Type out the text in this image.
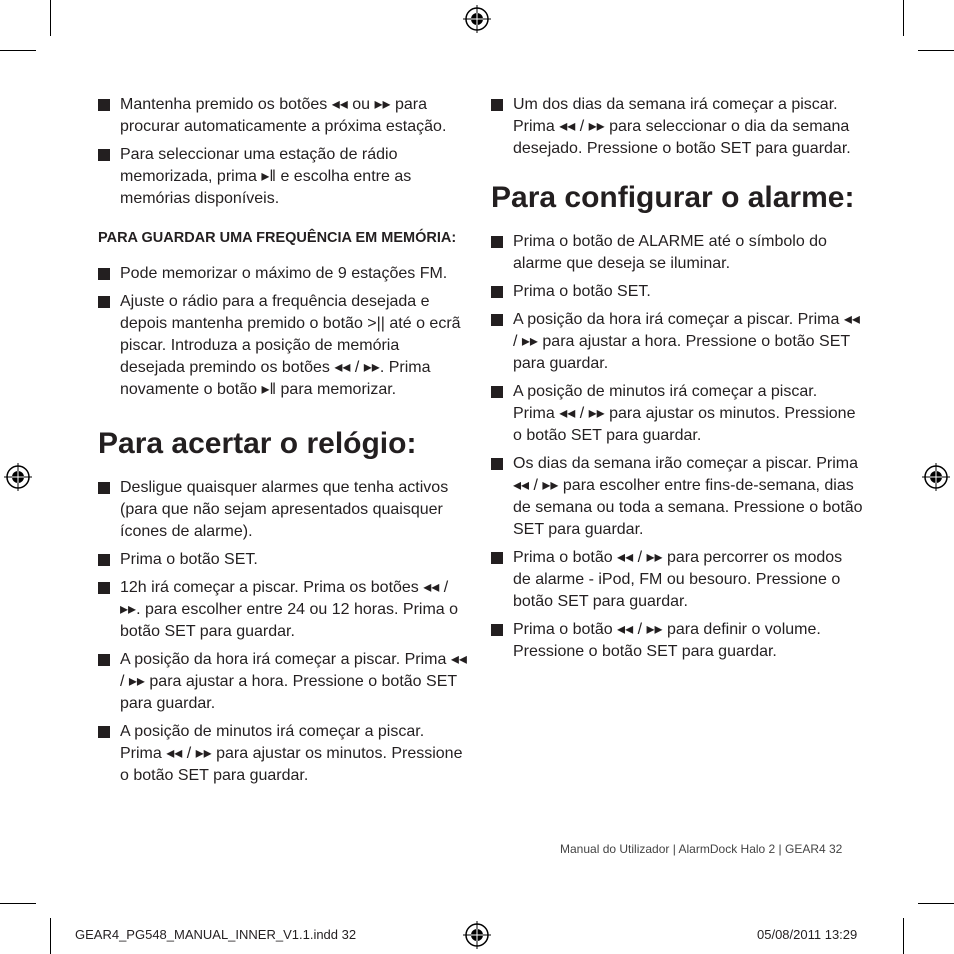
Mantenha premido os botões ◂◂ ou ▸▸ para procurar automaticamente a próxima estação.
Para seleccionar uma estação de rádio memorizada, prima ▸ǁ e escolha entre as memórias disponíveis.
PARA GUARDAR UMA FREQUÊNCIA EM MEMÓRIA:
Pode memorizar o máximo de 9 estações FM.
Ajuste o rádio para a frequência desejada e depois mantenha premido o botão >|| até o ecrã piscar. Introduza a posição de memória desejada premindo os botões ◂◂ / ▸▸. Prima novamente o botão ▸ǁ para memorizar.
Para acertar o relógio:
Desligue quaisquer alarmes que tenha activos (para que não sejam apresentados quaisquer ícones de alarme).
Prima o botão SET.
12h irá começar a piscar. Prima os botões ◂◂ / ▸▸. para escolher entre 24 ou 12 horas. Prima o botão SET para guardar.
A posição da hora irá começar a piscar. Prima ◂◂ / ▸▸ para ajustar a hora. Pressione o botão SET para guardar.
A posição de minutos irá começar a piscar. Prima ◂◂ / ▸▸ para ajustar os minutos. Pressione o botão SET para guardar.
Um dos dias da semana irá começar a piscar. Prima ◂◂ / ▸▸ para seleccionar o dia da semana desejado. Pressione o botão SET para guardar.
Para configurar o alarme:
Prima o botão de ALARME até o símbolo do alarme que deseja se iluminar.
Prima o botão SET.
A posição da hora irá começar a piscar. Prima ◂◂ / ▸▸ para ajustar a hora. Pressione o botão SET para guardar.
A posição de minutos irá começar a piscar. Prima ◂◂ / ▸▸ para ajustar os minutos. Pressione o botão SET para guardar.
Os dias da semana irão começar a piscar. Prima ◂◂ / ▸▸ para escolher entre fins-de-semana, dias de semana ou toda a semana. Pressione o botão SET para guardar.
Prima o botão ◂◂ / ▸▸ para percorrer os modos de alarme - iPod, FM ou besouro. Pressione o botão SET para guardar.
Prima o botão ◂◂ / ▸▸ para definir o volume. Pressione o botão SET para guardar.
Manual do Utilizador | AlarmDock Halo 2 | GEAR4 32
GEAR4_PG548_MANUAL_INNER_V1.1.indd 32	05/08/2011 13:29
